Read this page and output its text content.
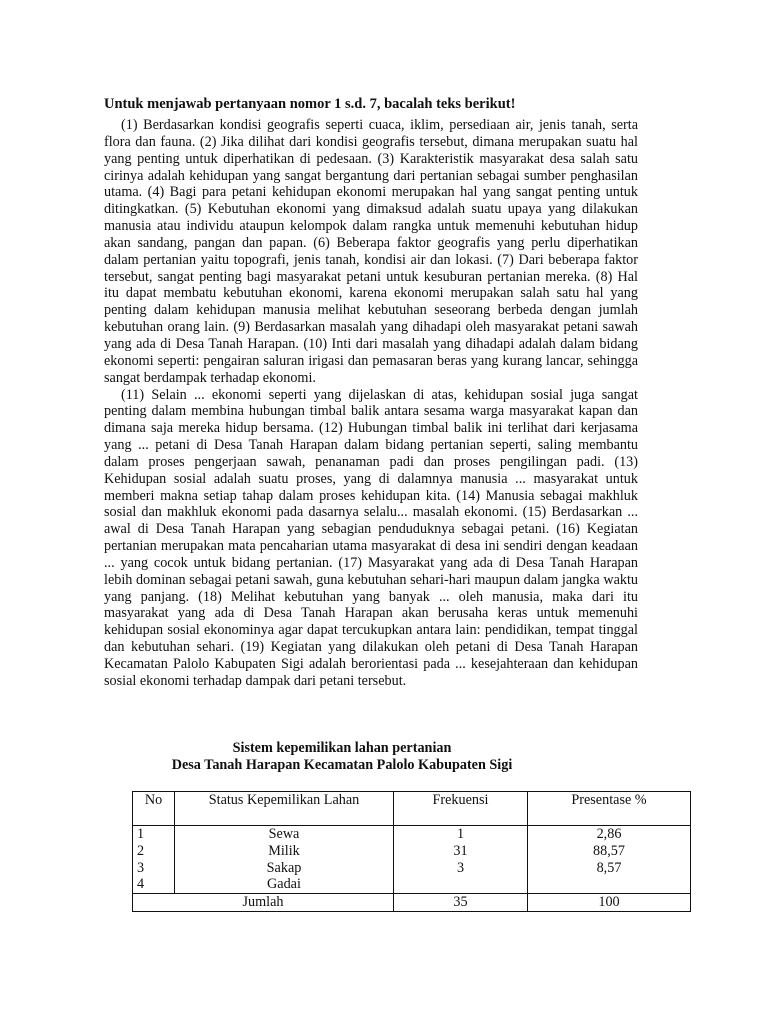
Untuk menjawab pertanyaan nomor 1 s.d. 7, bacalah teks berikut!

(1) Berdasarkan kondisi geografis seperti cuaca, iklim, persediaan air, jenis tanah, serta flora dan fauna. (2) Jika dilihat dari kondisi geografis tersebut, dimana merupakan suatu hal yang penting untuk diperhatikan di pedesaan. (3) Karakteristik masyarakat desa salah satu cirinya adalah kehidupan yang sangat bergantung dari pertanian sebagai sumber penghasilan utama. (4) Bagi para petani kehidupan ekonomi merupakan hal yang sangat penting untuk ditingkatkan. (5) Kebutuhan ekonomi yang dimaksud adalah suatu upaya yang dilakukan manusia atau individu ataupun kelompok dalam rangka untuk memenuhi kebutuhan hidup akan sandang, pangan dan papan. (6) Beberapa faktor geografis yang perlu diperhatikan dalam pertanian yaitu topografi, jenis tanah, kondisi air dan lokasi. (7) Dari beberapa faktor tersebut, sangat penting bagi masyarakat petani untuk kesuburan pertanian mereka. (8) Hal itu dapat membatu kebutuhan ekonomi, karena ekonomi merupakan salah satu hal yang penting dalam kehidupan manusia melihat kebutuhan seseorang berbeda dengan jumlah kebutuhan orang lain. (9) Berdasarkan masalah yang dihadapi oleh masyarakat petani sawah yang ada di Desa Tanah Harapan. (10) Inti dari masalah yang dihadapi adalah dalam bidang ekonomi seperti: pengairan saluran irigasi dan pemasaran beras yang kurang lancar, sehingga sangat berdampak terhadap ekonomi.

(11) Selain ... ekonomi seperti yang dijelaskan di atas, kehidupan sosial juga sangat penting dalam membina hubungan timbal balik antara sesama warga masyarakat kapan dan dimana saja mereka hidup bersama. (12) Hubungan timbal balik ini terlihat dari kerjasama yang ... petani di Desa Tanah Harapan dalam bidang pertanian seperti, saling membantu dalam proses pengerjaan sawah, penanaman padi dan proses pengilingan padi. (13) Kehidupan sosial adalah suatu proses, yang di dalamnya manusia ... masyarakat untuk memberi makna setiap tahap dalam proses kehidupan kita. (14) Manusia sebagai makhluk sosial dan makhluk ekonomi pada dasarnya selalu... masalah ekonomi. (15) Berdasarkan ... awal di Desa Tanah Harapan yang sebagian penduduknya sebagai petani. (16) Kegiatan pertanian merupakan mata pencaharian utama masyarakat di desa ini sendiri dengan keadaan ... yang cocok untuk bidang pertanian. (17) Masyarakat yang ada di Desa Tanah Harapan lebih dominan sebagai petani sawah, guna kebutuhan sehari-hari maupun dalam jangka waktu yang panjang. (18) Melihat kebutuhan yang banyak ... oleh manusia, maka dari itu masyarakat yang ada di Desa Tanah Harapan akan berusaha keras untuk memenuhi kehidupan sosial ekonominya agar dapat tercukupkan antara lain: pendidikan, tempat tinggal dan kebutuhan sehari. (19) Kegiatan yang dilakukan oleh petani di Desa Tanah Harapan Kecamatan Palolo Kabupaten Sigi adalah berorientasi pada ... kesejahteraan dan kehidupan sosial ekonomi terhadap dampak dari petani tersebut.

Sistem kepemilikan lahan pertanian
Desa Tanah Harapan Kecamatan Palolo Kabupaten Sigi
No	Status Kepemilikan Lahan	Frekuensi	Presentase %
1	Sewa	1	2,86
2	Milik	31	88,57
3	Sakap	3	8,57
4	Gadai		
Jumlah		35	100
